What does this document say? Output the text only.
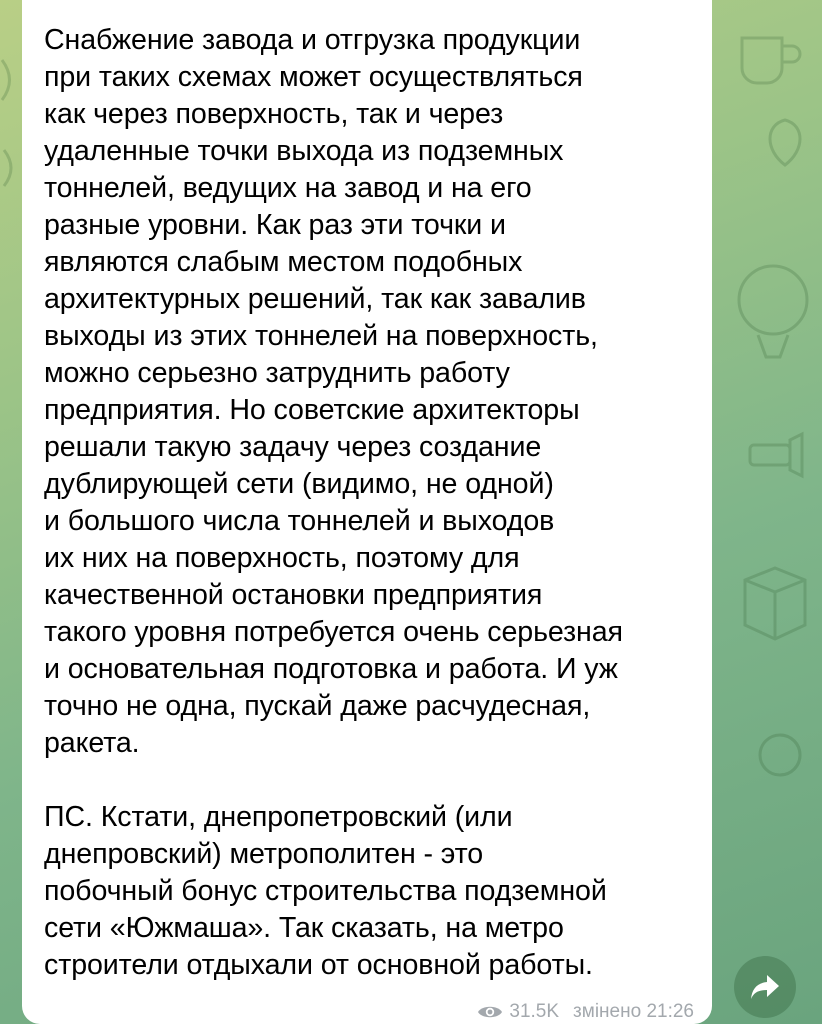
Снабжение завода и отгрузка продукции
при таких схемах может осуществляться
как через поверхность, так и через
удаленные точки выхода из подземных
тоннелей, ведущих на завод и на его
разные уровни. Как раз эти точки и
являются слабым местом подобных
архитектурных решений, так как завалив
выходы из этих тоннелей на поверхность,
можно серьезно затруднить работу
предприятия. Но советские архитекторы
решали такую задачу через создание
дублирующей сети (видимо, не одной)
и большого числа тоннелей и выходов
их них на поверхность, поэтому для
качественной остановки предприятия
такого уровня потребуется очень серьезная
и основательная подготовка и работа. И уж
точно не одна, пускай даже расчудесная,
ракета.

ПС. Кстати, днепропетровский (или
днепровский) метрополитен - это
побочный бонус строительства подземной
сети «Южмаша». Так сказать, на метро
строители отдыхали от основной работы.

31.5K змінено 21:26
